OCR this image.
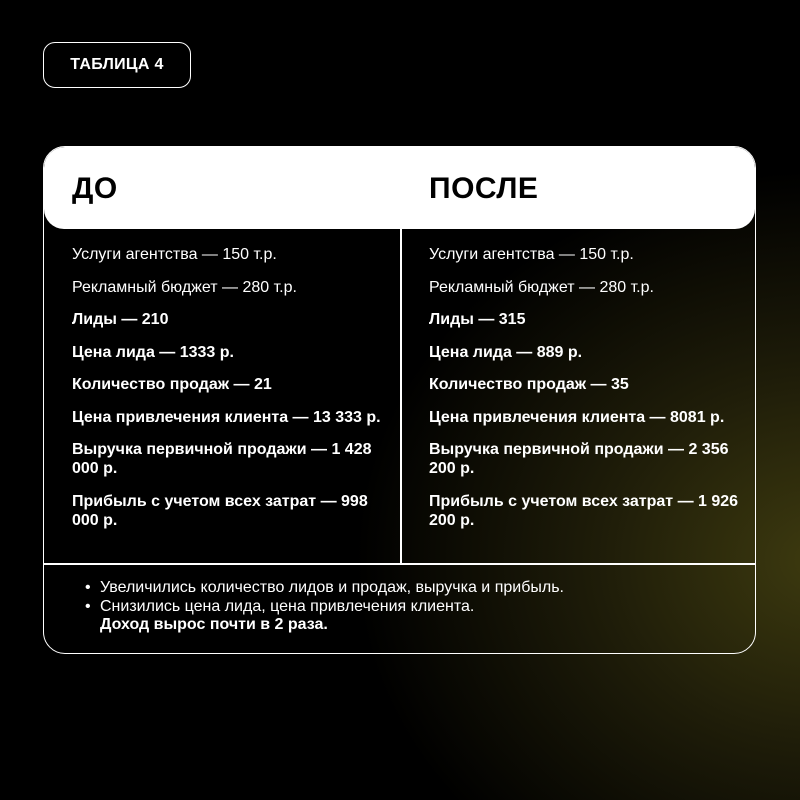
ТАБЛИЦА 4
ДО	ПОСЛЕ
Услуги агентства — 150 т.р.
Рекламный бюджет — 280 т.р.
Лиды — 210
Цена лида — 1333 р.
Количество продаж — 21
Цена привлечения клиента — 13 333 р.
Выручка первичной продажи — 1 428 000 р.
Прибыль с учетом всех затрат — 998 000 р.
Услуги агентства — 150 т.р.
Рекламный бюджет — 280 т.р.
Лиды — 315
Цена лида — 889 р.
Количество продаж — 35
Цена привлечения клиента — 8081 р.
Выручка первичной продажи — 2 356 200 р.
Прибыль с учетом всех затрат — 1 926 200 р.
• Увеличились количество лидов и продаж, выручка и прибыль.
• Снизились цена лида, цена привлечения клиента.
Доход вырос почти в 2 раза.
